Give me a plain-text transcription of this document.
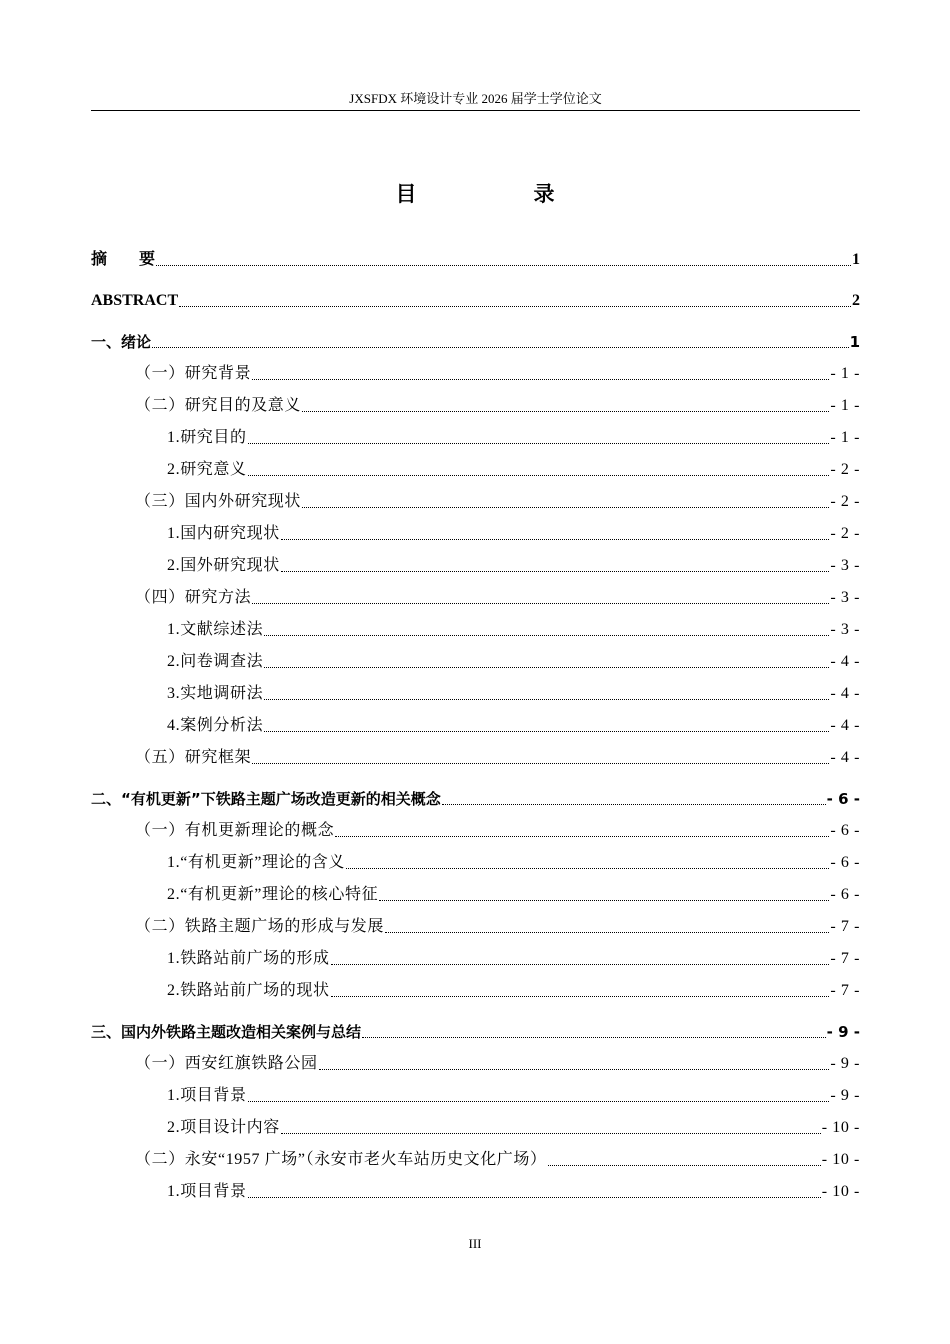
JXSFDX 环境设计专业 2026 届学士学位论文
目　录
摘　　要	1
ABSTRACT	2
一、绪论	1
（一）研究背景	- 1 -
（二）研究目的及意义	- 1 -
1.研究目的	- 1 -
2.研究意义	- 2 -
（三）国内外研究现状	- 2 -
1.国内研究现状	- 2 -
2.国外研究现状	- 3 -
（四）研究方法	- 3 -
1.文献综述法	- 3 -
2.问卷调查法	- 4 -
3.实地调研法	- 4 -
4.案例分析法	- 4 -
（五）研究框架	- 4 -
二、“有机更新”下铁路主题广场改造更新的相关概念	- 6 -
（一）有机更新理论的概念	- 6 -
1.“有机更新”理论的含义	- 6 -
2.“有机更新”理论的核心特征	- 6 -
（二）铁路主题广场的形成与发展	- 7 -
1.铁路站前广场的形成	- 7 -
2.铁路站前广场的现状	- 7 -
三、国内外铁路主题改造相关案例与总结	- 9 -
（一）西安红旗铁路公园	- 9 -
1.项目背景	- 9 -
2.项目设计内容	- 10 -
（二）永安“1957 广场”（永安市老火车站历史文化广场）	- 10 -
1.项目背景	- 10 -
III
